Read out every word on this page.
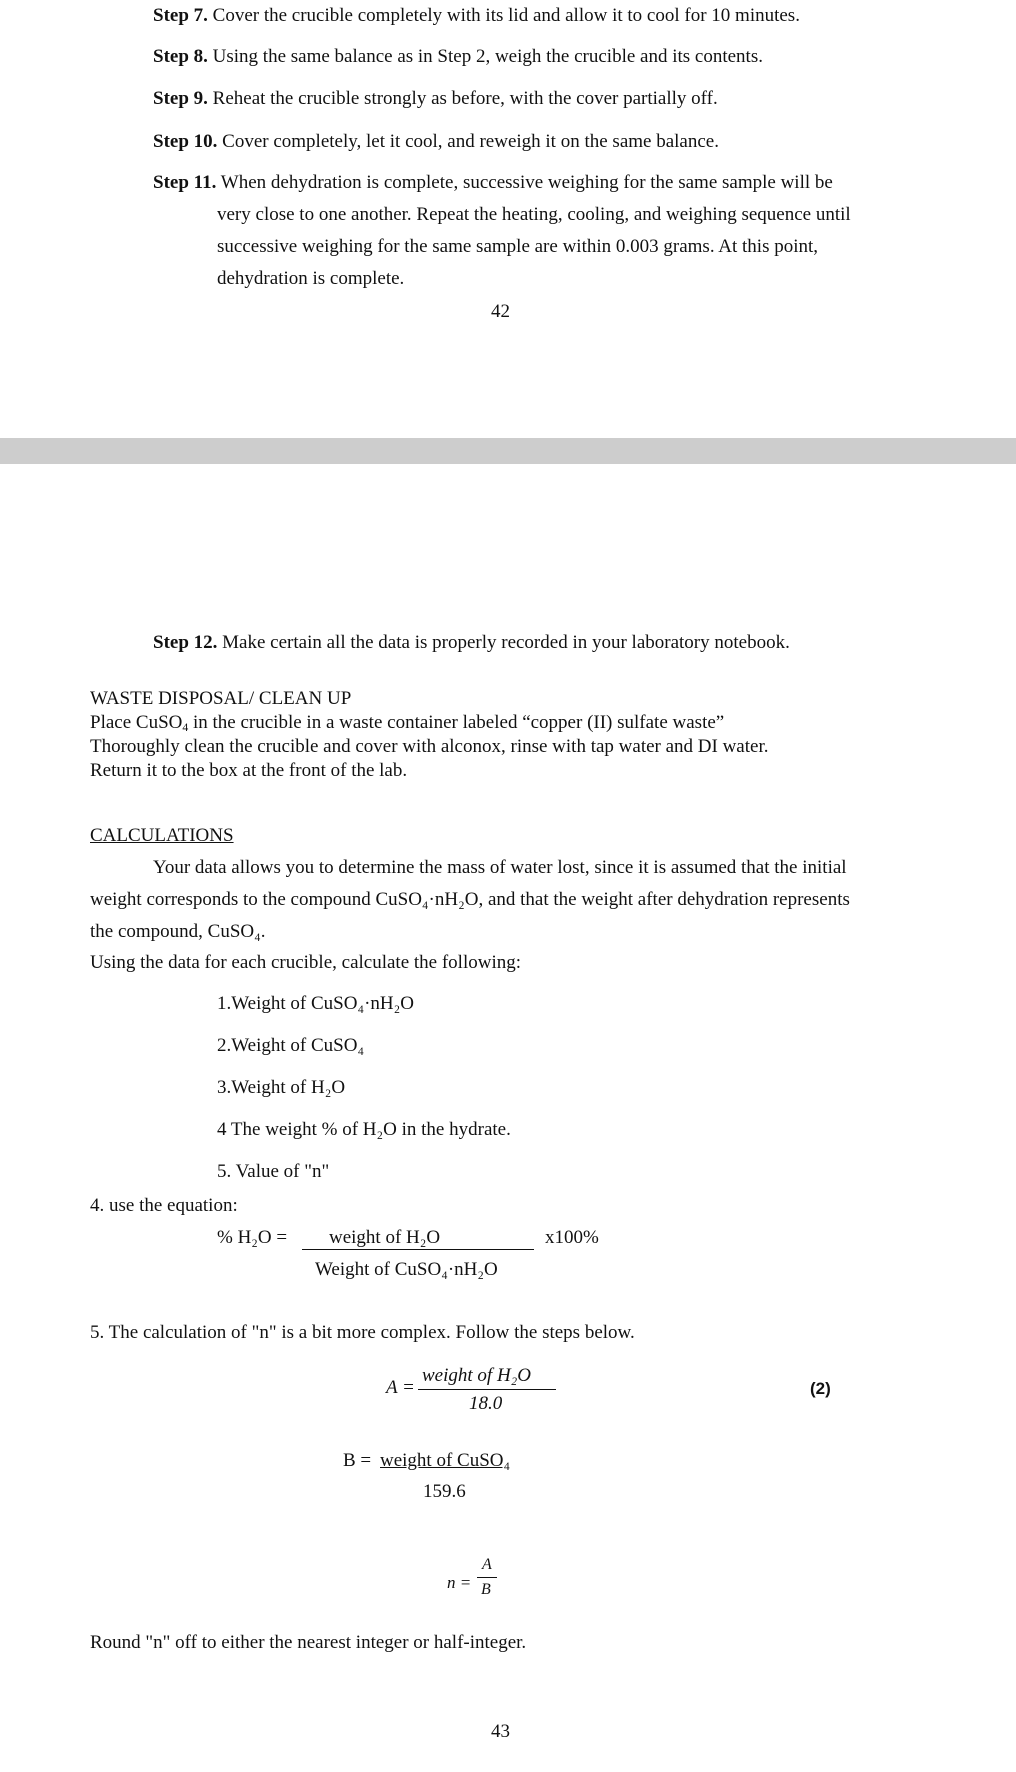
Step 7. Cover the crucible completely with its lid and allow it to cool for 10 minutes.
Step 8. Using the same balance as in Step 2, weigh the crucible and its contents.
Step 9. Reheat the crucible strongly as before, with the cover partially off.
Step 10. Cover completely, let it cool, and reweigh it on the same balance.
Step 11. When dehydration is complete, successive weighing for the same sample will be
very close to one another. Repeat the heating, cooling, and weighing sequence until
successive weighing for the same sample are within 0.003 grams. At this point,
dehydration is complete.
42
Step 12. Make certain all the data is properly recorded in your laboratory notebook.
WASTE DISPOSAL/ CLEAN UP
Place CuSO$_4$ in the crucible in a waste container labeled “copper (II) sulfate waste”
Thoroughly clean the crucible and cover with alconox, rinse with tap water and DI water.
Return it to the box at the front of the lab.
CALCULATIONS
Your data allows you to determine the mass of water lost, since it is assumed that the initial
weight corresponds to the compound CuSO₄·nH₂O, and that the weight after dehydration represents
the compound, CuSO₄.
Using the data for each crucible, calculate the following:
1.Weight of CuSO₄·nH₂O
2.Weight of CuSO₄
3.Weight of H₂O
4 The weight % of H₂O in the hydrate.
5. Value of "n"
4. use the equation:
% H₂O = weight of H₂O
Weight of CuSO₄·nH₂O
x100%
5. The calculation of "n" is a bit more complex. Follow the steps below.
A =
weight of H₂O
18.0
(2)
B = weight of CuSO₄
159.6
n =
A
B
Round "n" off to either the nearest integer or half-integer.
43
